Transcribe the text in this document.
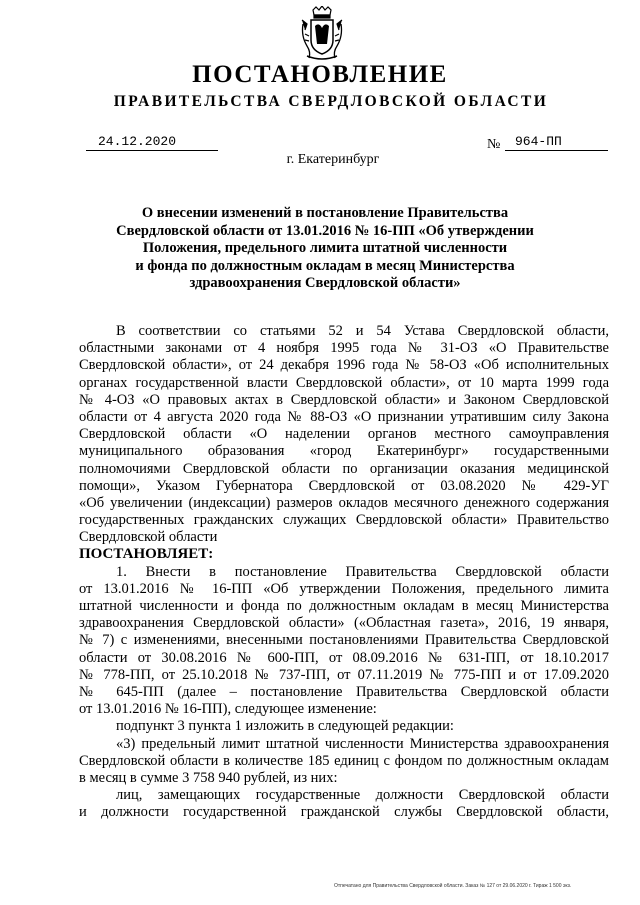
ПОСТАНОВЛЕНИЕ
ПРАВИТЕЛЬСТВА СВЕРДЛОВСКОЙ ОБЛАСТИ
24.12.2020	№	964-ПП
г. Екатеринбург
О внесении изменений в постановление Правительства
Свердловской области от 13.01.2016 № 16-ПП «Об утверждении
Положения, предельного лимита штатной численности
и фонда по должностным окладам в месяц Министерства
здравоохранения Свердловской области»
В соответствии со статьями 52 и 54 Устава Свердловской области,
областными законами от 4 ноября 1995 года № 31-ОЗ «О Правительстве
Свердловской области», от 24 декабря 1996 года № 58-ОЗ «Об исполнительных
органах государственной власти Свердловской области», от 10 марта 1999 года
№ 4-ОЗ «О правовых актах в Свердловской области» и Законом Свердловской
области от 4 августа 2020 года № 88-ОЗ «О признании утратившим силу Закона
Свердловской области «О наделении органов местного самоуправления
муниципального образования «город Екатеринбург» государственными
полномочиями Свердловской области по организации оказания медицинской
помощи», Указом Губернатора Свердловской от 03.08.2020 № 429-УГ
«Об увеличении (индексации) размеров окладов месячного денежного содержания
государственных гражданских служащих Свердловской области» Правительство
Свердловской области
ПОСТАНОВЛЯЕТ:
1. Внести в постановление Правительства Свердловской области
от 13.01.2016 № 16-ПП «Об утверждении Положения, предельного лимита
штатной численности и фонда по должностным окладам в месяц Министерства
здравоохранения Свердловской области» («Областная газета», 2016, 19 января,
№ 7) с изменениями, внесенными постановлениями Правительства Свердловской
области от 30.08.2016 № 600-ПП, от 08.09.2016 № 631-ПП, от 18.10.2017
№ 778-ПП, от 25.10.2018 № 737-ПП, от 07.11.2019 № 775-ПП и от 17.09.2020
№ 645-ПП (далее – постановление Правительства Свердловской области
от 13.01.2016 № 16-ПП), следующее изменение:
подпункт 3 пункта 1 изложить в следующей редакции:
«3) предельный лимит штатной численности Министерства здравоохранения
Свердловской области в количестве 185 единиц с фондом по должностным окладам
в месяц в сумме 3 758 940 рублей, из них:
лиц, замещающих государственные должности Свердловской области
и должности государственной гражданской службы Свердловской области,
Отпечатано для Правительства Свердловской области. Заказ № 127 от 29.06.2020 г. Тираж 1 500 экз.
